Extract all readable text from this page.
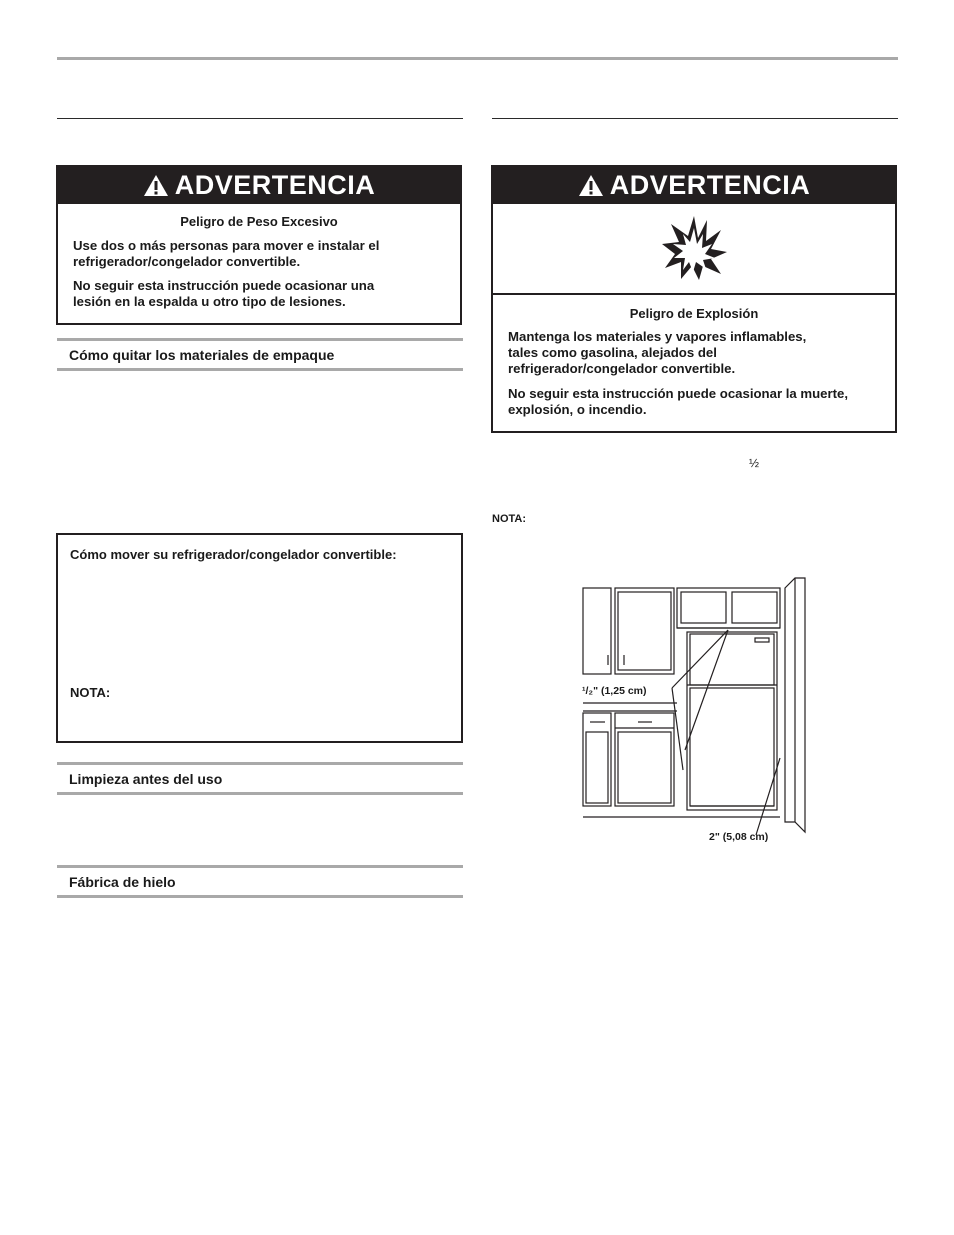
ADVERTENCIA
Peligro de Peso Excesivo
Use dos o más personas para mover e instalar el refrigerador/congelador convertible.
No seguir esta instrucción puede ocasionar una lesión en la espalda u otro tipo de lesiones.
Cómo quitar los materiales de empaque
Cómo mover su refrigerador/congelador convertible:
NOTA:
Limpieza antes del uso
Fábrica de hielo
ADVERTENCIA
Peligro de Explosión
Mantenga los materiales y vapores inflamables, tales como gasolina, alejados del refrigerador/congelador convertible.
No seguir esta instrucción puede ocasionar la muerte, explosión, o incendio.
½
NOTA:
¹/₂" (1,25 cm)
2" (5,08 cm)
